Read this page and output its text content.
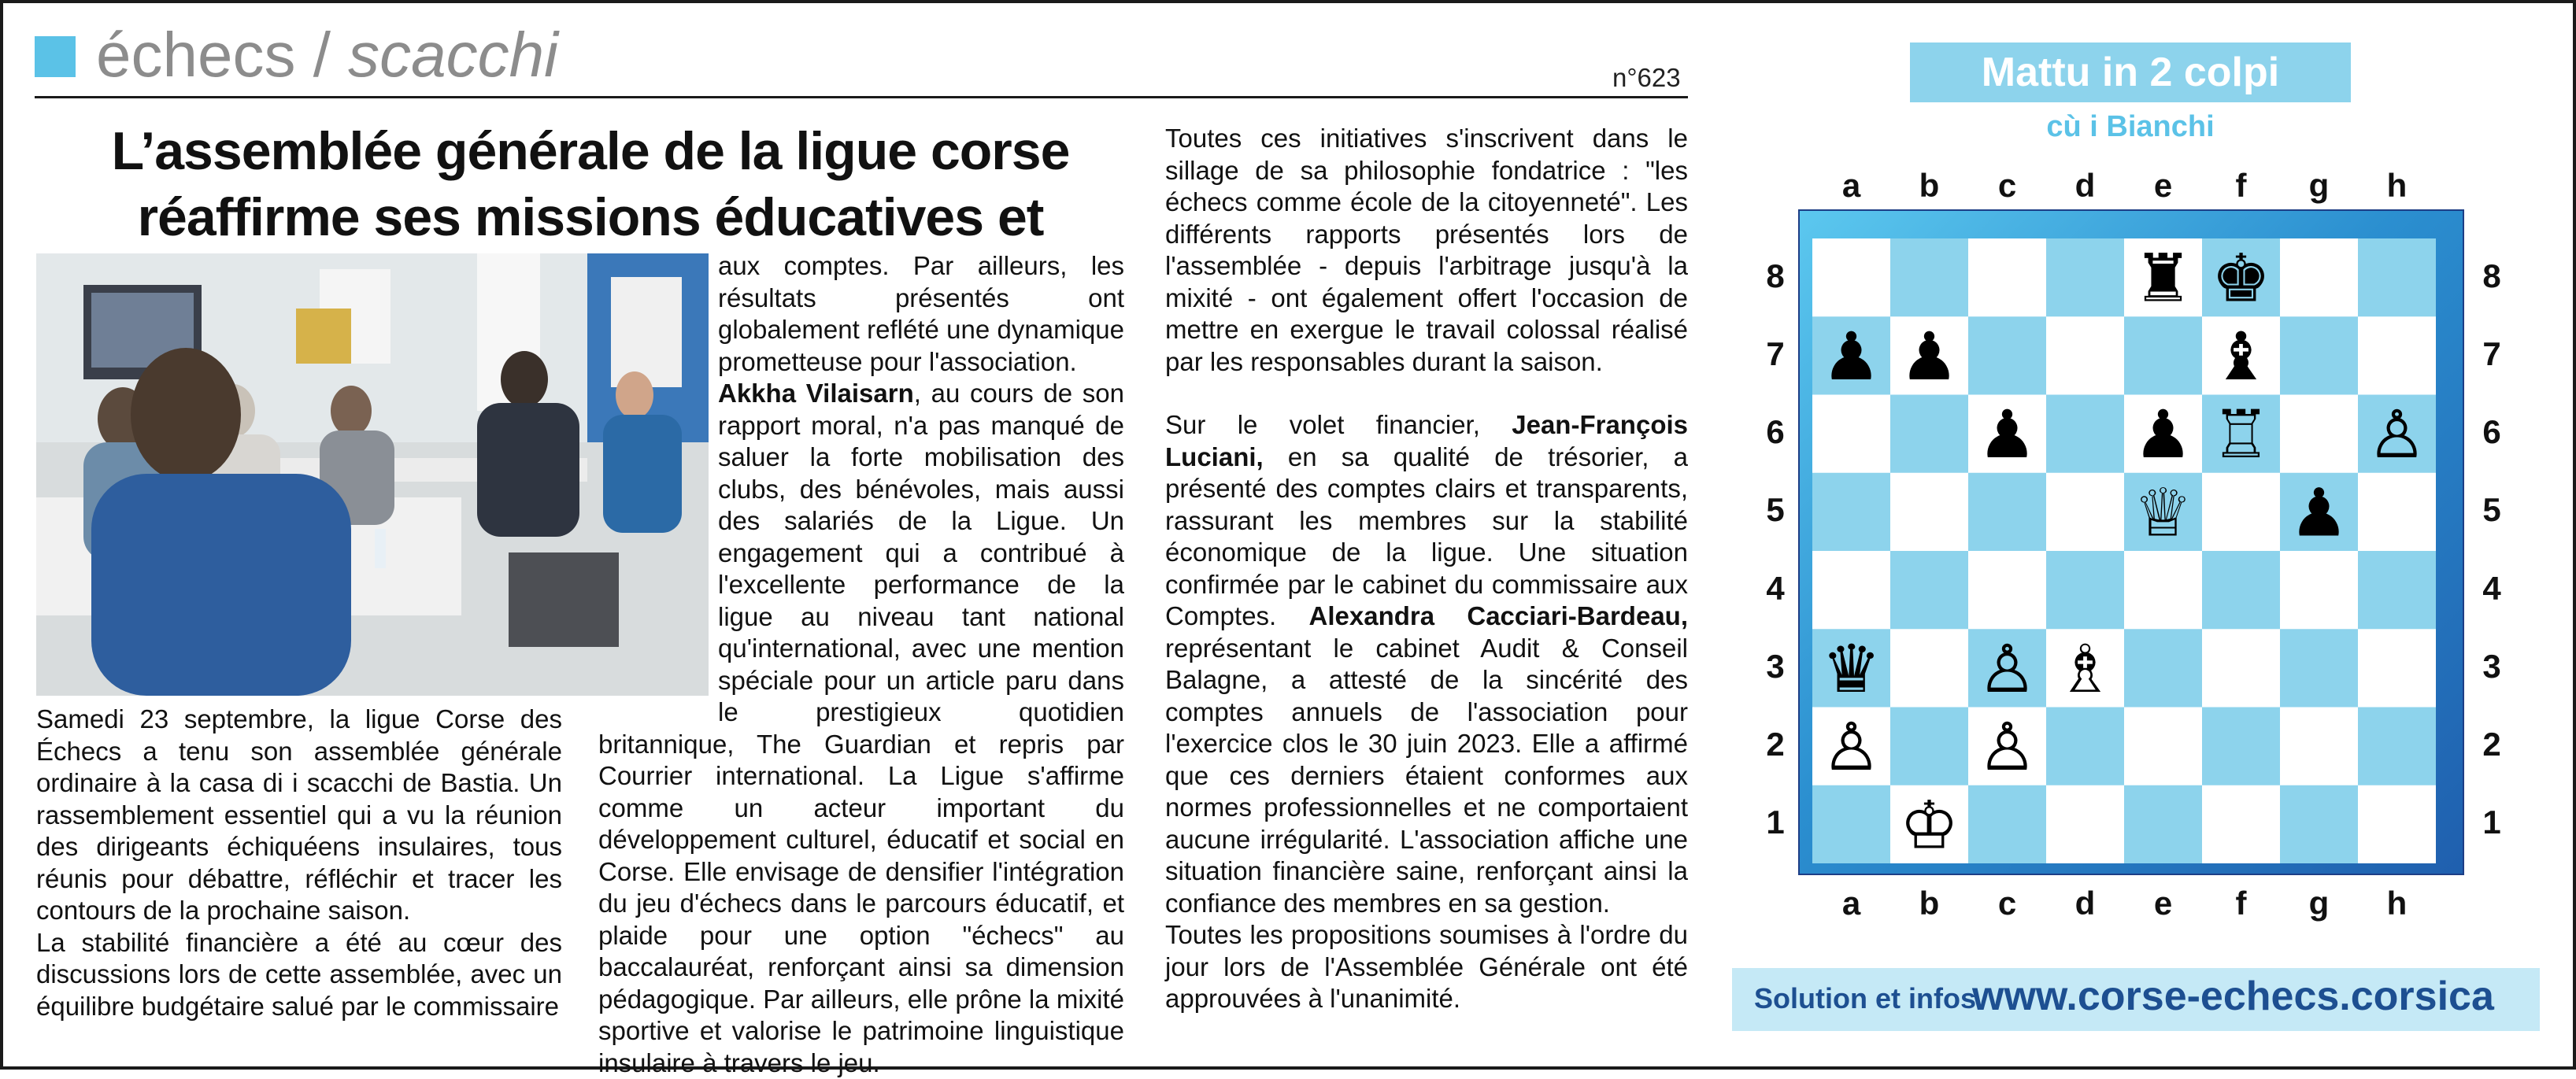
échecs / scacchi	n°623
L’assemblée générale de la ligue corse
réaffirme ses missions éducatives et

Samedi 23 septembre, la ligue Corse des Échecs a tenu son assemblée générale ordinaire à la casa di i scacchi de Bastia. Un rassemblement essentiel qui a vu la réunion des dirigeants échiquéens insulaires, tous réunis pour débattre, réfléchir et tracer les contours de la prochaine saison.

La stabilité financière a été au cœur des discussions lors de cette assemblée, avec un équilibre budgétaire salué par le commissaire

aux comptes. Par ailleurs, les résultats présentés ont globalement reflété une dynamique prometteuse pour l'association.

Akkha Vilaisarn, au cours de son rapport moral, n'a pas manqué de saluer la forte mobilisation des clubs, des bénévoles, mais aussi des salariés de la Ligue. Un engagement qui a contribué à l'excellente performance de la ligue au niveau tant national qu'international, avec une mention spéciale pour un article paru dans le prestigieux quotidien britannique, The Guardian et repris par Courrier international. La Ligue s'affirme comme un acteur important du développement culturel, éducatif et social en Corse. Elle envisage de densifier l'intégration du jeu d'échecs dans le parcours éducatif, et plaide pour une option "échecs" au baccalauréat, renforçant ainsi sa dimension pédagogique. Par ailleurs, elle prône la mixité sportive et valorise le patrimoine linguistique insulaire à travers le jeu.

Toutes ces initiatives s'inscrivent dans le sillage de sa philosophie fondatrice : "les échecs comme école de la citoyenneté". Les différents rapports présentés lors de l'assemblée - depuis l'arbitrage jusqu'à la mixité - ont également offert l'occasion de mettre en exergue le travail colossal réalisé par les responsables durant la saison.

Sur le volet financier, Jean-François Luciani, en sa qualité de trésorier, a présenté des comptes clairs et transparents, rassurant les membres sur la stabilité économique de la ligue. Une situation confirmée par le cabinet du commissaire aux Comptes. Alexandra Cacciari-Bardeau, représentant le cabinet Audit & Conseil Balagne, a attesté de la sincérité des comptes annuels de l'association pour l'exercice clos le 30 juin 2023. Elle a affirmé que ces derniers étaient conformes aux normes professionnelles et ne comportaient aucune irrégularité. L'association affiche une situation financière saine, renforçant ainsi la confiance des membres en sa gestion.

Toutes les propositions soumises à l'ordre du jour lors de l'Assemblée Générale ont été approuvées à l'unanimité.

Mattu in 2 colpi
cù i Bianchi
♜ ♚
♟ ♟	♝
♟ ♟ ♖ ♙
♕ ♟
♛ ♙ ♗
♙ ♙
♔
a
a
b
b
c
c
d
d
e
e
f
f
g
g
h
h
8	8
7	7
6	6
5	5
4	4
3	3
2	2
1	1
Solution et infos
www.corse-echecs.corsica
